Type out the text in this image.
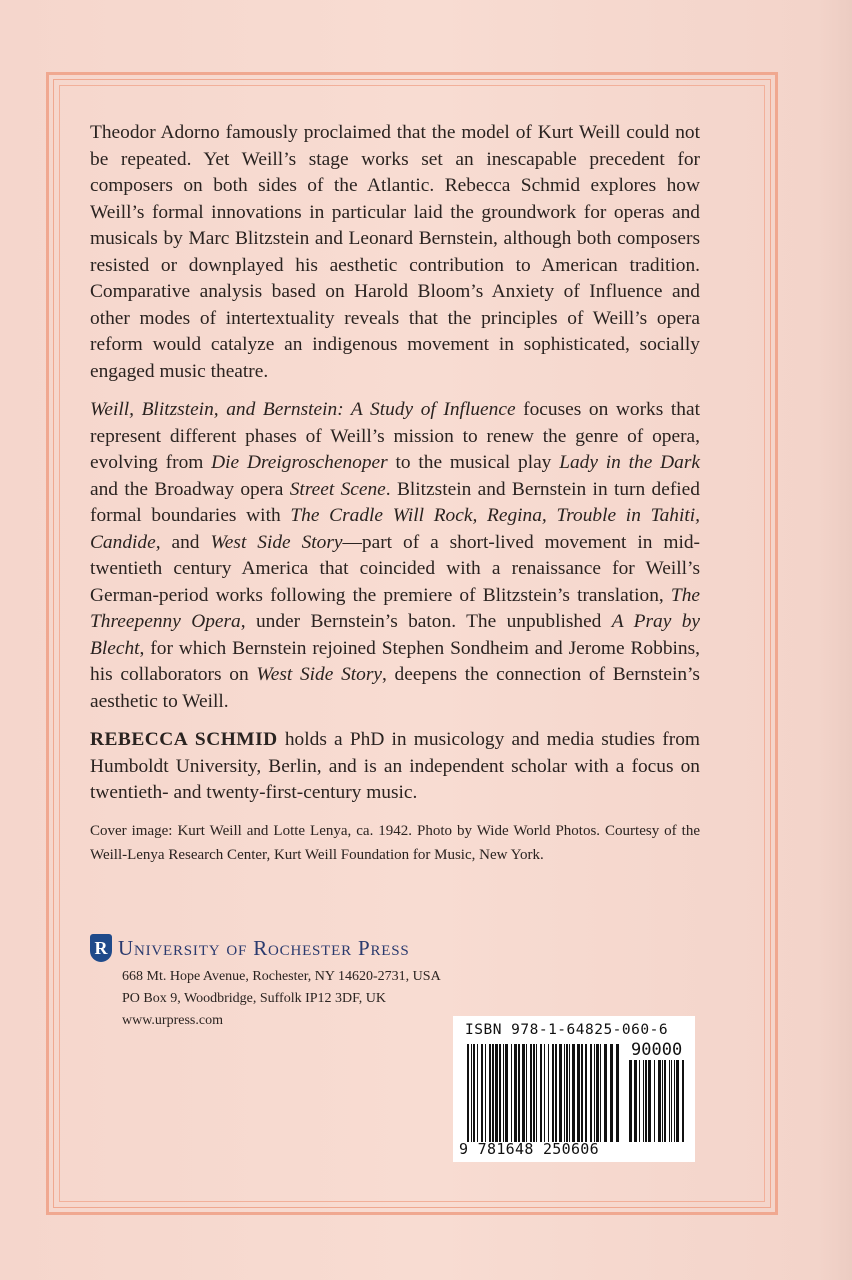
Theodor Adorno famously proclaimed that the model of Kurt Weill could not be repeated. Yet Weill’s stage works set an inescapable precedent for composers on both sides of the Atlantic. Rebecca Schmid explores how Weill’s formal innovations in particular laid the groundwork for operas and musicals by Marc Blitzstein and Leonard Bernstein, although both composers resisted or downplayed his aesthetic contribution to American tradition. Comparative analysis based on Harold Bloom’s Anxiety of Influence and other modes of intertextuality reveals that the principles of Weill’s opera reform would catalyze an indigenous movement in sophisticated, socially engaged music theatre.

Weill, Blitzstein, and Bernstein: A Study of Influence focuses on works that represent different phases of Weill’s mission to renew the genre of opera, evolving from Die Dreigroschenoper to the musical play Lady in the Dark and the Broadway opera Street Scene. Blitzstein and Bernstein in turn defied formal boundaries with The Cradle Will Rock, Regina, Trouble in Tahiti, Candide, and West Side Story—part of a short-lived movement in mid-twentieth century America that coincided with a renaissance for Weill’s German-period works following the premiere of Blitzstein’s translation, The Threepenny Opera, under Bernstein’s baton. The unpublished A Pray by Blecht, for which Bernstein rejoined Stephen Sondheim and Jerome Robbins, his collaborators on West Side Story, deepens the connection of Bernstein’s aesthetic to Weill.

REBECCA SCHMID holds a PhD in musicology and media studies from Humboldt University, Berlin, and is an independent scholar with a focus on twentieth- and twenty-first-century music.

Cover image: Kurt Weill and Lotte Lenya, ca. 1942. Photo by Wide World Photos. Courtesy of the Weill-Lenya Research Center, Kurt Weill Foundation for Music, New York.

R University of Rochester Press
668 Mt. Hope Avenue, Rochester, NY 14620-2731, USA
PO Box 9, Woodbridge, Suffolk IP12 3DF, UK
www.urpress.com
ISBN 978-1-64825-060-6
90000
9 781648 250606
